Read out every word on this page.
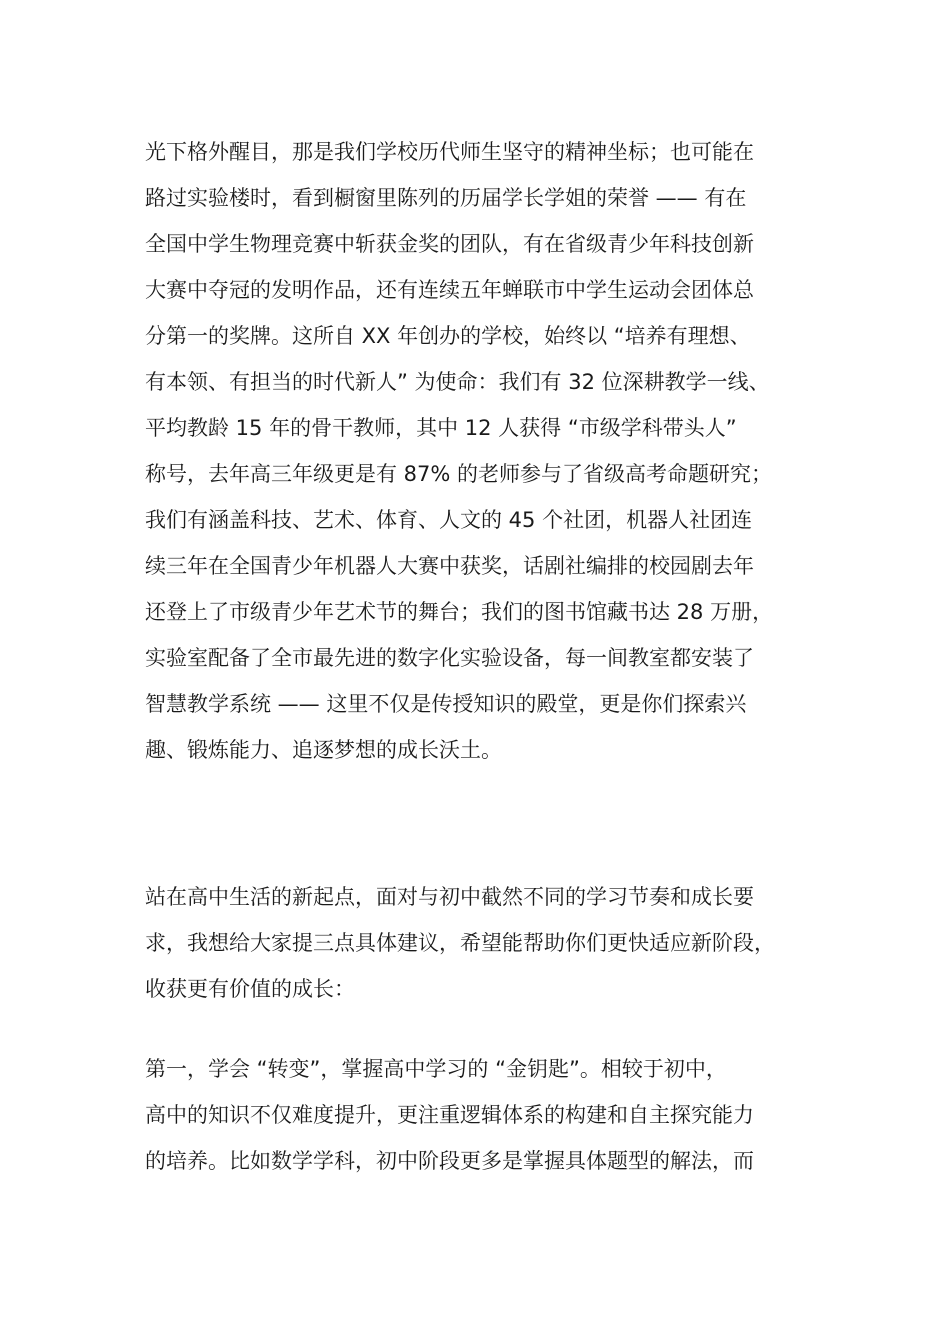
光下格外醒目，那是我们学校历代师生坚守的精神坐标；也可能在
路过实验楼时，看到橱窗里陈列的历届学长学姐的荣誉 —— 有在
全国中学生物理竞赛中斩获金奖的团队，有在省级青少年科技创新
大赛中夺冠的发明作品，还有连续五年蝉联市中学生运动会团体总
分第一的奖牌。这所自 XX 年创办的学校，始终以 “培养有理想、
有本领、有担当的时代新人” 为使命：我们有 32 位深耕教学一线、
平均教龄 15 年的骨干教师，其中 12 人获得 “市级学科带头人”
称号，去年高三年级更是有 87% 的老师参与了省级高考命题研究；
我们有涵盖科技、艺术、体育、人文的 45 个社团，机器人社团连
续三年在全国青少年机器人大赛中获奖，话剧社编排的校园剧去年
还登上了市级青少年艺术节的舞台；我们的图书馆藏书达 28 万册，
实验室配备了全市最先进的数字化实验设备，每一间教室都安装了
智慧教学系统 —— 这里不仅是传授知识的殿堂，更是你们探索兴
趣、锻炼能力、追逐梦想的成长沃土。
站在高中生活的新起点，面对与初中截然不同的学习节奏和成长要
求，我想给大家提三点具体建议，希望能帮助你们更快适应新阶段，
收获更有价值的成长：
第一，学会 “转变”，掌握高中学习的 “金钥匙”。相较于初中，
高中的知识不仅难度提升，更注重逻辑体系的构建和自主探究能力
的培养。比如数学学科，初中阶段更多是掌握具体题型的解法，而
